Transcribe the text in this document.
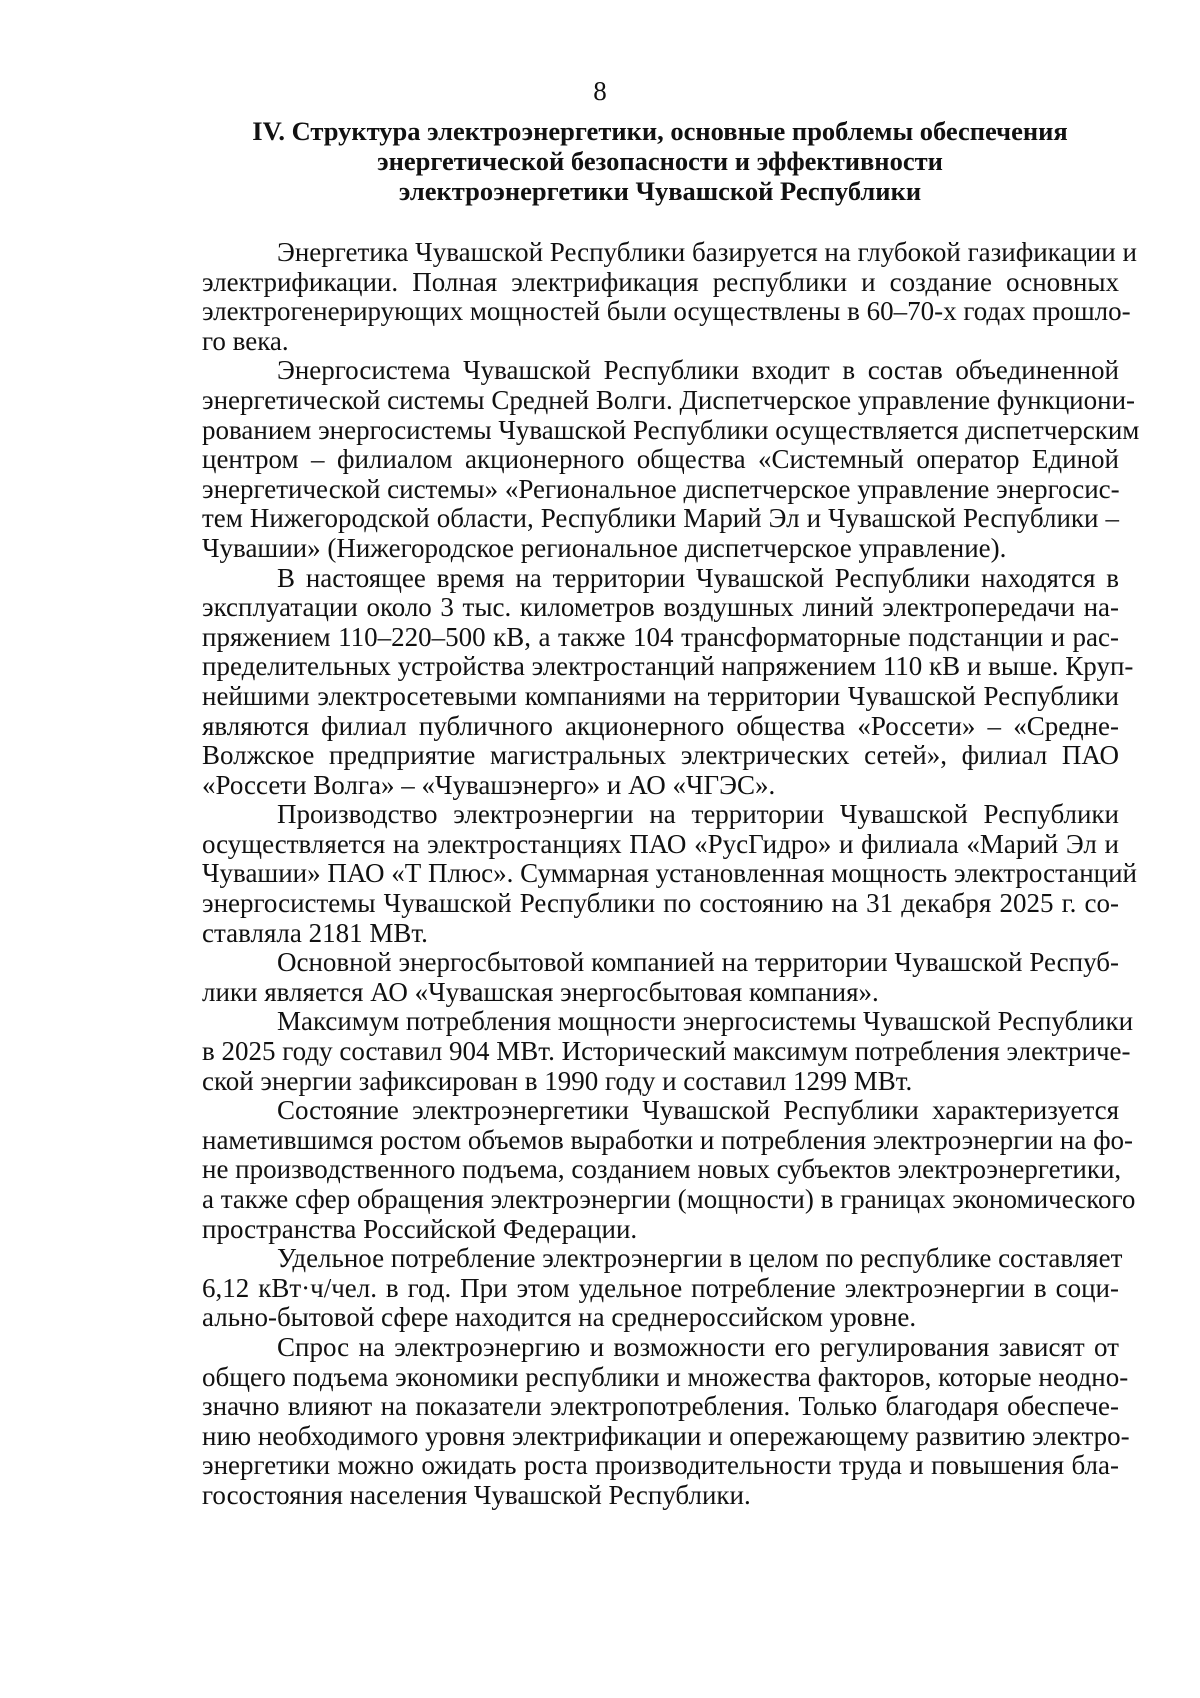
8
IV. Структура электроэнергетики, основные проблемы обеспечения
энергетической безопасности и эффективности
электроэнергетики Чувашской Республики
Энергетика Чувашской Республики базируется на глубокой газификации и
электрификации. Полная электрификация республики и создание основных
электрогенерирующих мощностей были осуществлены в 60–70-х годах прошло-
го века.
Энергосистема Чувашской Республики входит в состав объединенной
энергетической системы Средней Волги. Диспетчерское управление функциони-
рованием энергосистемы Чувашской Республики осуществляется диспетчерским
центром – филиалом акционерного общества «Системный оператор Единой
энергетической системы» «Региональное диспетчерское управление энергосис-
тем Нижегородской области, Республики Марий Эл и Чувашской Республики –
Чувашии» (Нижегородское региональное диспетчерское управление).
В настоящее время на территории Чувашской Республики находятся в
эксплуатации около 3 тыс. километров воздушных линий электропередачи на-
пряжением 110–220–500 кВ, а также 104 трансформаторные подстанции и рас-
пределительных устройства электростанций напряжением 110 кВ и выше. Круп-
нейшими электросетевыми компаниями на территории Чувашской Республики
являются филиал публичного акционерного общества «Россети» – «Средне-
Волжское предприятие магистральных электрических сетей», филиал ПАО
«Россети Волга» – «Чувашэнерго» и АО «ЧГЭС».
Производство электроэнергии на территории Чувашской Республики
осуществляется на электростанциях ПАО «РусГидро» и филиала «Марий Эл и
Чувашии» ПАО «Т Плюс». Суммарная установленная мощность электростанций
энергосистемы Чувашской Республики по состоянию на 31 декабря 2025 г. со-
ставляла 2181 МВт.
Основной энергосбытовой компанией на территории Чувашской Респуб-
лики является АО «Чувашская энергосбытовая компания».
Максимум потребления мощности энергосистемы Чувашской Республики
в 2025 году составил 904 МВт. Исторический максимум потребления электриче-
ской энергии зафиксирован в 1990 году и составил 1299 МВт.
Состояние электроэнергетики Чувашской Республики характеризуется
наметившимся ростом объемов выработки и потребления электроэнергии на фо-
не производственного подъема, созданием новых субъектов электроэнергетики,
а также сфер обращения электроэнергии (мощности) в границах экономического
пространства Российской Федерации.
Удельное потребление электроэнергии в целом по республике составляет
6,12 кВт·ч/чел. в год. При этом удельное потребление электроэнергии в соци-
ально-бытовой сфере находится на среднероссийском уровне.
Спрос на электроэнергию и возможности его регулирования зависят от
общего подъема экономики республики и множества факторов, которые неодно-
значно влияют на показатели электропотребления. Только благодаря обеспече-
нию необходимого уровня электрификации и опережающему развитию электро-
энергетики можно ожидать роста производительности труда и повышения бла-
госостояния населения Чувашской Республики.
